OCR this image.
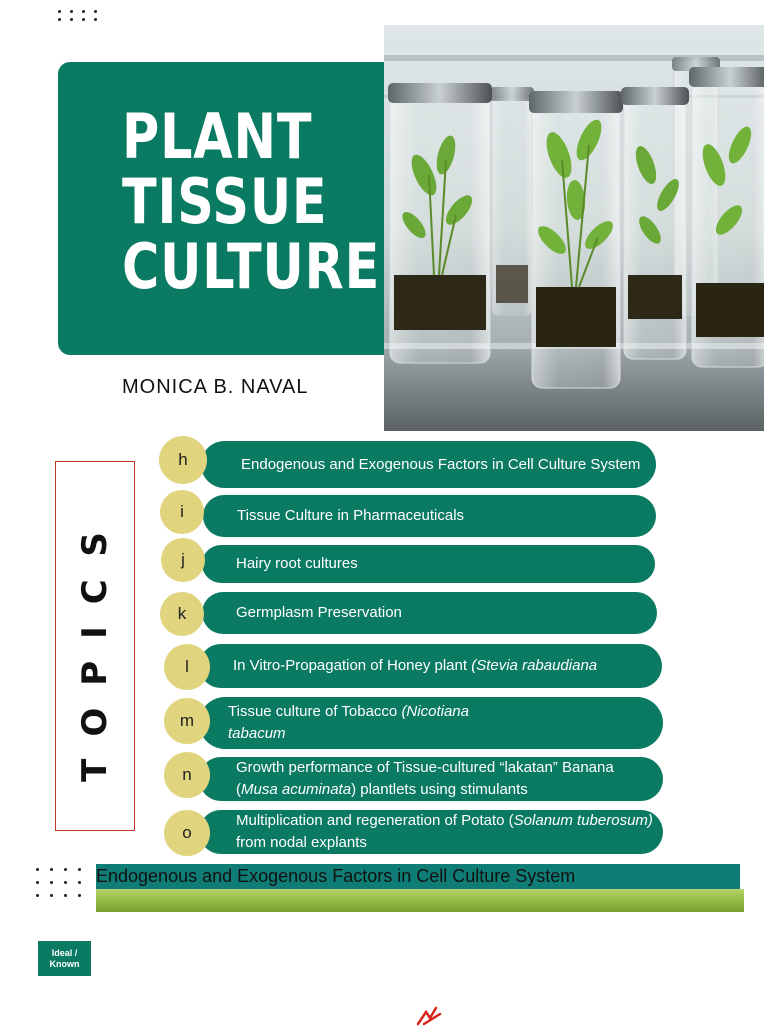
PLANT
TISSUE
CULTURE
MONICA B. NAVAL
TOPICS
Endogenous and Exogenous Factors in Cell Culture System
h
Tissue Culture in Pharmaceuticals
i
Hairy root cultures
j
Germplasm Preservation
k
In Vitro-Propagation of Honey plant (Stevia rabaudiana
l
Tissue culture of Tobacco (Nicotiana tabacum
m
Growth performance of Tissue-cultured “lakatan” Banana (Musa acuminata) plantlets using stimulants
n
Multiplication and regeneration of Potato (Solanum tuberosum) from nodal explants
o
Endogenous and Exogenous Factors in Cell Culture System
Ideal / Known
